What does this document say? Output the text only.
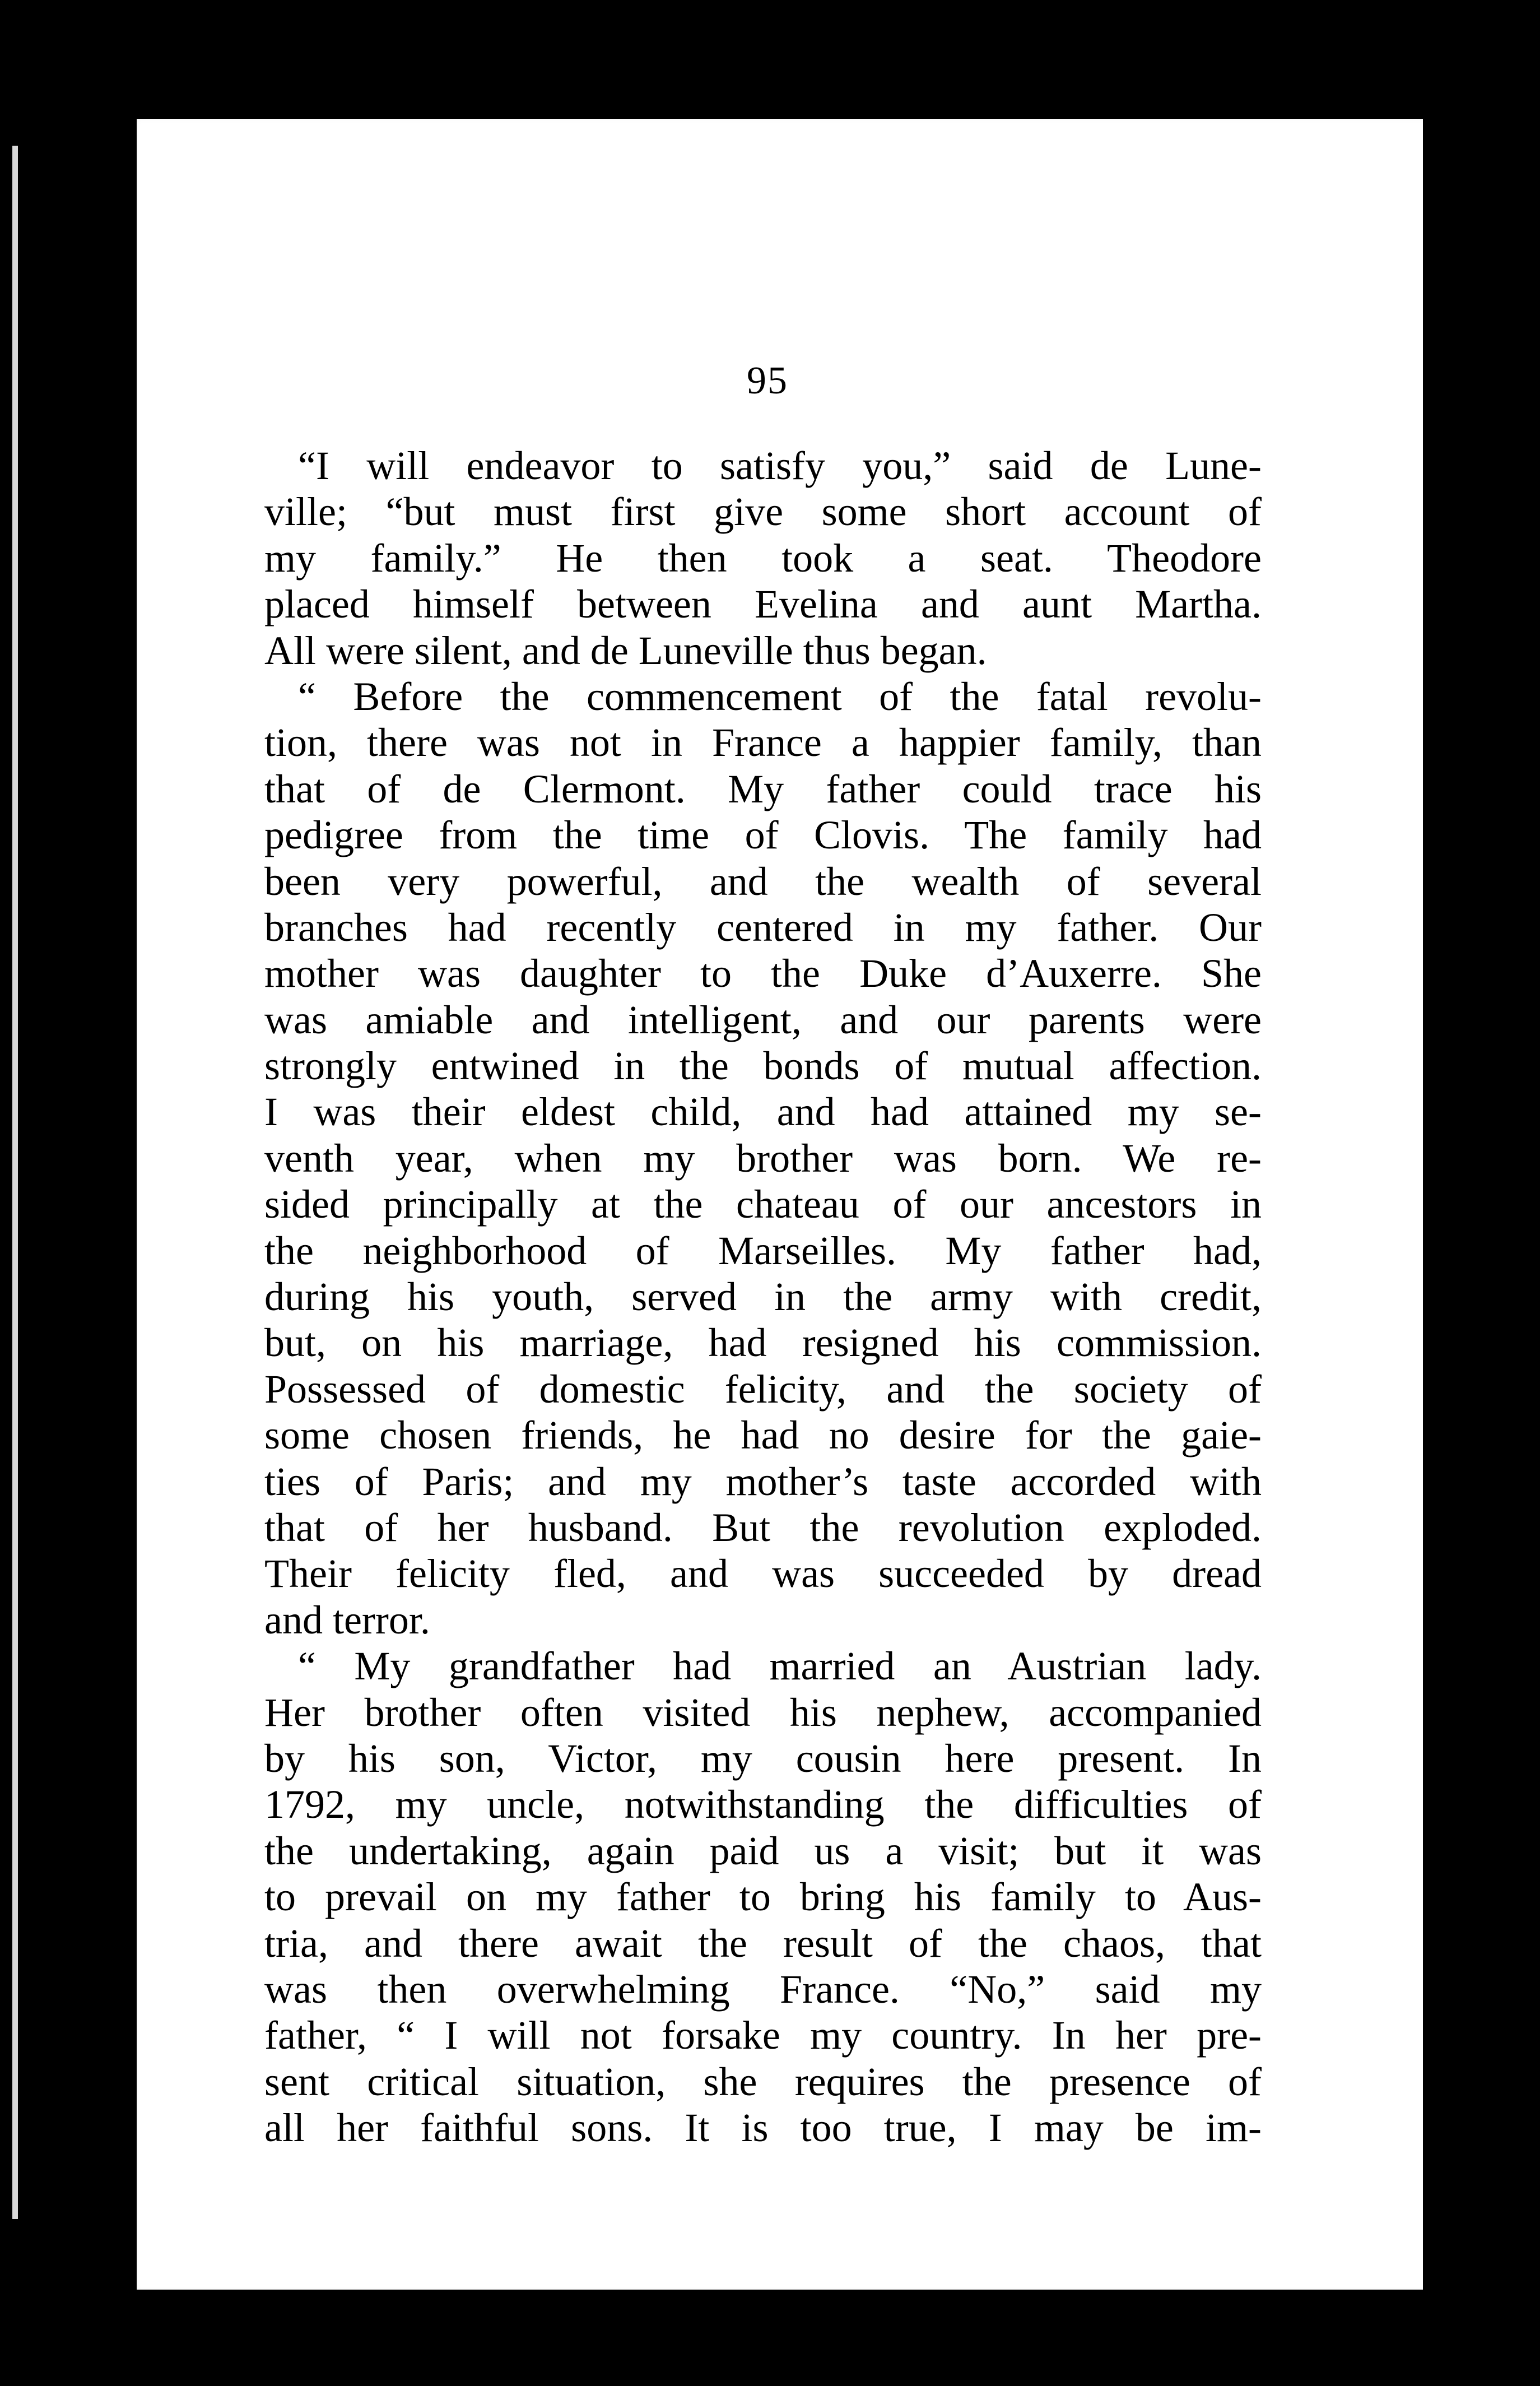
95
“I will endeavor to satisfy you,” said de Lune-
ville; “but must first give some short account of
my family.” He then took a seat. Theodore
placed himself between Evelina and aunt Martha.
All were silent, and de Luneville thus began.
“ Before the commencement of the fatal revolu-
tion, there was not in France a happier family, than
that of de Clermont. My father could trace his
pedigree from the time of Clovis. The family had
been very powerful, and the wealth of several
branches had recently centered in my father. Our
mother was daughter to the Duke d’Auxerre. She
was amiable and intelligent, and our parents were
strongly entwined in the bonds of mutual affection.
I was their eldest child, and had attained my se-
venth year, when my brother was born. We re-
sided principally at the chateau of our ancestors in
the neighborhood of Marseilles. My father had,
during his youth, served in the army with credit,
but, on his marriage, had resigned his commission.
Possessed of domestic felicity, and the society of
some chosen friends, he had no desire for the gaie-
ties of Paris; and my mother’s taste accorded with
that of her husband. But the revolution exploded.
Their felicity fled, and was succeeded by dread
and terror.
“ My grandfather had married an Austrian lady.
Her brother often visited his nephew, accompanied
by his son, Victor, my cousin here present. In
1792, my uncle, notwithstanding the difficulties of
the undertaking, again paid us a visit; but it was
to prevail on my father to bring his family to Aus-
tria, and there await the result of the chaos, that
was then overwhelming France. “No,” said my
father, “ I will not forsake my country. In her pre-
sent critical situation, she requires the presence of
all her faithful sons. It is too true, I may be im-
